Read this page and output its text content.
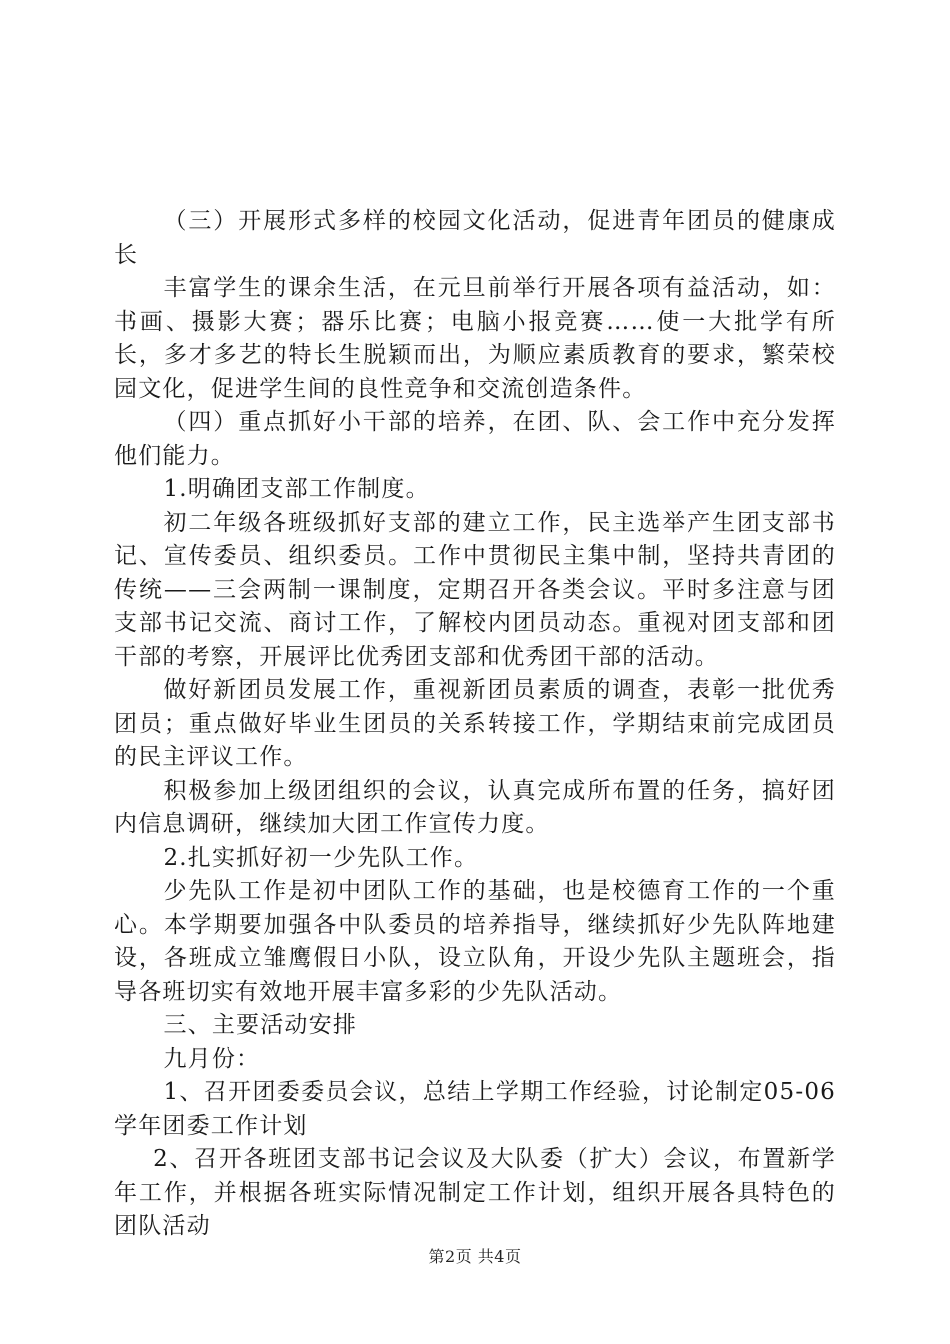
（三）开展形式多样的校园文化活动，促进青年团员的健康成长

丰富学生的课余生活，在元旦前举行开展各项有益活动，如：书画、摄影大赛；器乐比赛；电脑小报竞赛……使一大批学有所长，多才多艺的特长生脱颖而出，为顺应素质教育的要求，繁荣校园文化，促进学生间的良性竞争和交流创造条件。

（四）重点抓好小干部的培养，在团、队、会工作中充分发挥他们能力。

1.明确团支部工作制度。

初二年级各班级抓好支部的建立工作，民主选举产生团支部书记、宣传委员、组织委员。工作中贯彻民主集中制，坚持共青团的传统——三会两制一课制度，定期召开各类会议。平时多注意与团支部书记交流、商讨工作，了解校内团员动态。重视对团支部和团干部的考察，开展评比优秀团支部和优秀团干部的活动。

做好新团员发展工作，重视新团员素质的调查，表彰一批优秀团员；重点做好毕业生团员的关系转接工作，学期结束前完成团员的民主评议工作。

积极参加上级团组织的会议，认真完成所布置的任务，搞好团内信息调研，继续加大团工作宣传力度。

2.扎实抓好初一少先队工作。

少先队工作是初中团队工作的基础，也是校德育工作的一个重心。本学期要加强各中队委员的培养指导，继续抓好少先队阵地建设，各班成立雏鹰假日小队，设立队角，开设少先队主题班会，指导各班切实有效地开展丰富多彩的少先队活动。

三、主要活动安排

九月份：

1、召开团委委员会议，总结上学期工作经验，讨论制定05-06学年团委工作计划

2、召开各班团支部书记会议及大队委（扩大）会议，布置新学年工作，并根据各班实际情况制定工作计划，组织开展各具特色的团队活动

第2页 共4页
